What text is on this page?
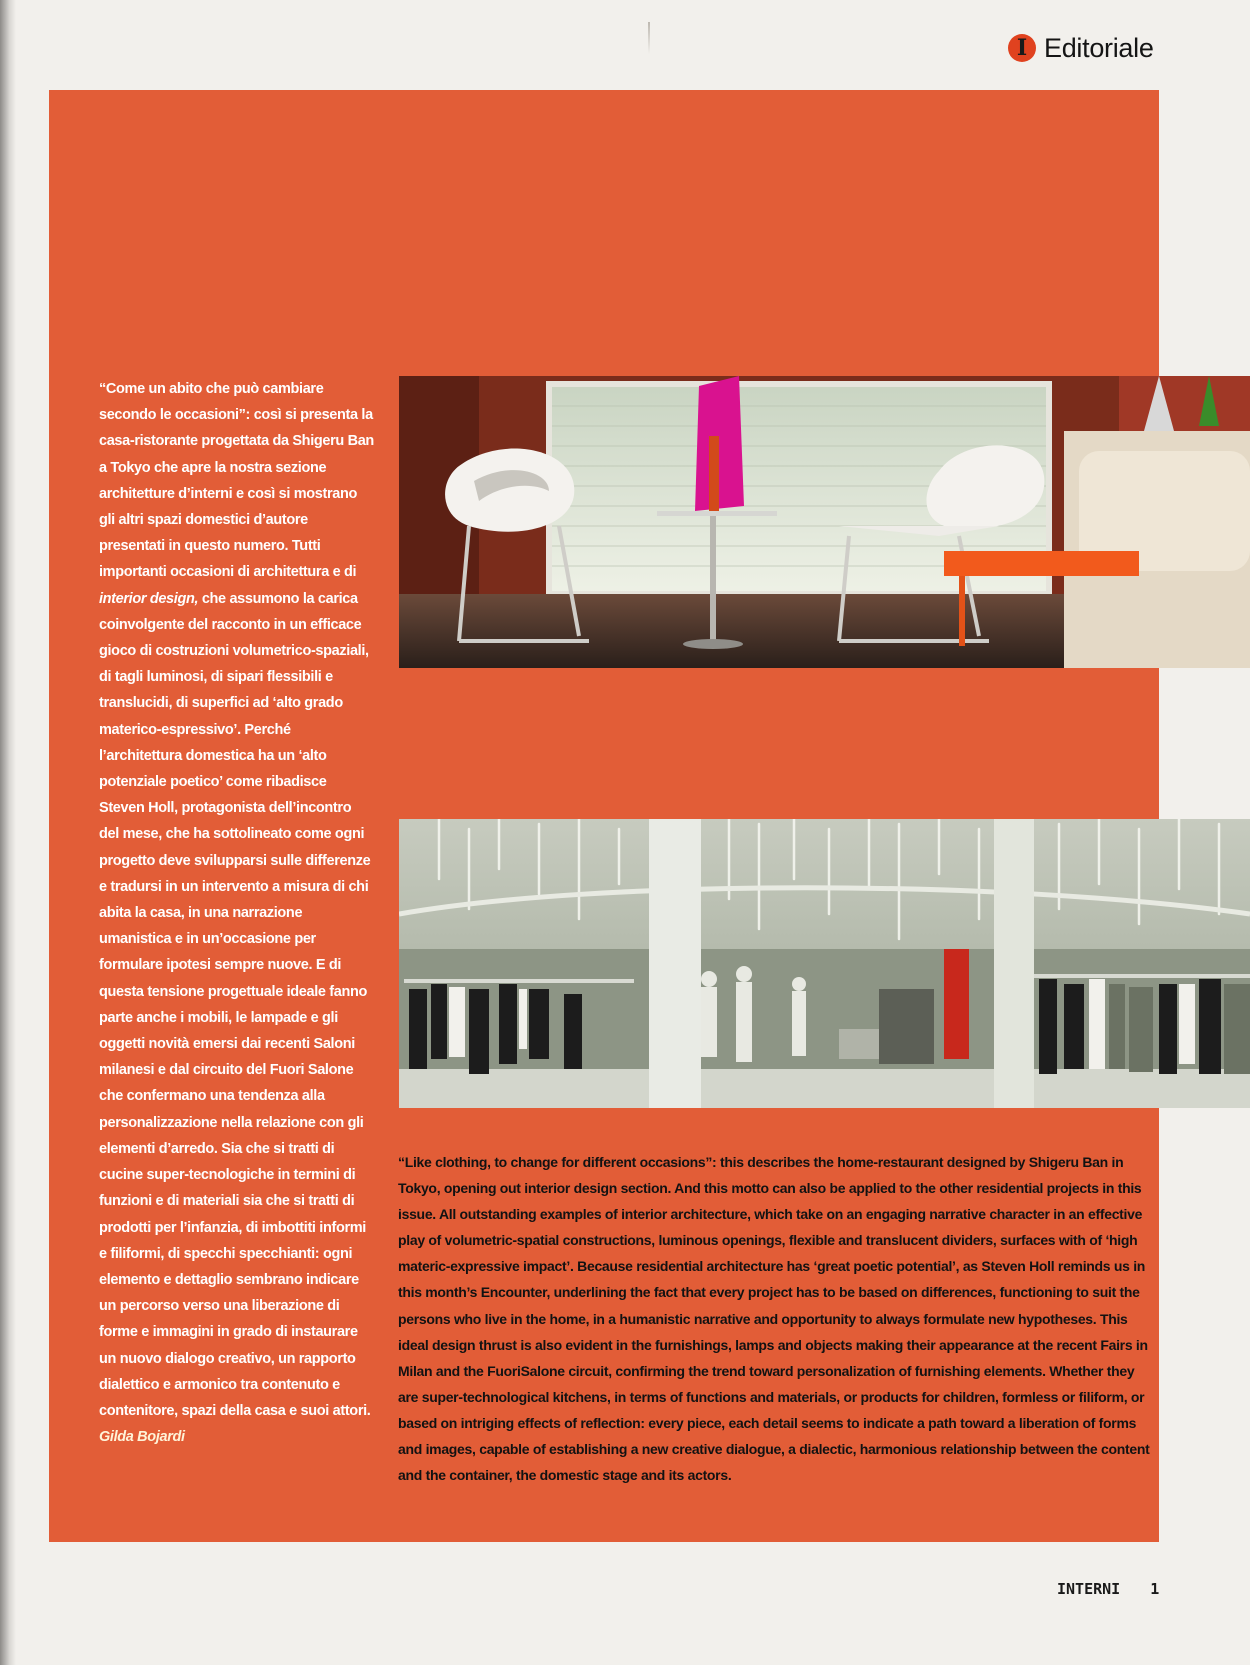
I Editoriale
“Come un abito che può cambiare secondo le occasioni”: così si presenta la casa-ristorante progettata da Shigeru Ban a Tokyo che apre la nostra sezione architetture d’interni e così si mostrano gli altri spazi domestici d’autore presentati in questo numero. Tutti importanti occasioni di architettura e di interior design, che assumono la carica coinvolgente del racconto in un efficace gioco di costruzioni volumetrico-spaziali, di tagli luminosi, di sipari flessibili e translucidi, di superfici ad ‘alto grado materico-espressivo’. Perché l’architettura domestica ha un ‘alto potenziale poetico’ come ribadisce Steven Holl, protagonista dell’incontro del mese, che ha sottolineato come ogni progetto deve svilupparsi sulle differenze e tradursi in un intervento a misura di chi abita la casa, in una narrazione umanistica e in un’occasione per formulare ipotesi sempre nuove. E di questa tensione progettuale ideale fanno parte anche i mobili, le lampade e gli oggetti novità emersi dai recenti Saloni milanesi e dal circuito del Fuori Salone che confermano una tendenza alla personalizzazione nella relazione con gli elementi d’arredo. Sia che si tratti di cucine super-tecnologiche in termini di funzioni e di materiali sia che si tratti di prodotti per l’infanzia, di imbottiti informi e filiformi, di specchi specchianti: ogni elemento e dettaglio sembrano indicare un percorso verso una liberazione di forme e immagini in grado di instaurare un nuovo dialogo creativo, un rapporto dialettico e armonico tra contenuto e contenitore, spazi della casa e suoi attori.
Gilda Bojardi
“Like clothing, to change for different occasions”: this describes the home-restaurant designed by Shigeru Ban in Tokyo, opening out interior design section. And this motto can also be applied to the other residential projects in this issue. All outstanding examples of interior architecture, which take on an engaging narrative character in an effective play of volumetric-spatial constructions, luminous openings, flexible and translucent dividers, surfaces with of ‘high materic-expressive impact’. Because residential architecture has ‘great poetic potential’, as Steven Holl reminds us in this month’s Encounter, underlining the fact that every project has to be based on differences, functioning to suit the persons who live in the home, in a humanistic narrative and opportunity to always formulate new hypotheses. This ideal design thrust is also evident in the furnishings, lamps and objects making their appearance at the recent Fairs in Milan and the FuoriSalone circuit, confirming the trend toward personalization of furnishing elements. Whether they are super-technological kitchens, in terms of functions and materials, or products for children, formless or filiform, or based on intriging effects of reflection: every piece, each detail seems to indicate a path toward a liberation of forms and images, capable of establishing a new creative dialogue, a dialectic, harmonious relationship between the content and the container, the domestic stage and its actors.
INTERNI 1
